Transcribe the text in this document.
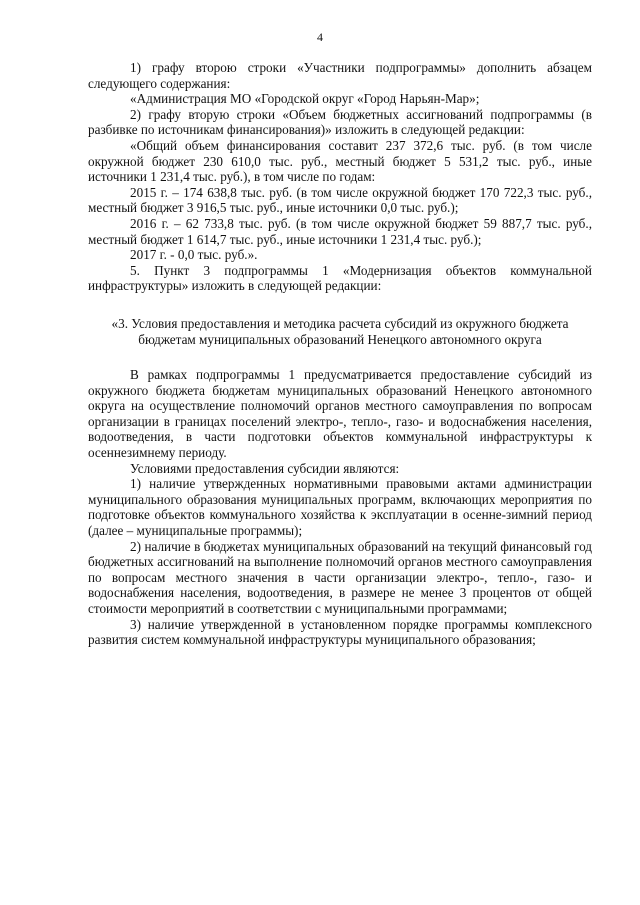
4

1) графу второю строки «Участники подпрограммы» дополнить абзацем следующего содержания:

«Администрация МО «Городской округ «Город Нарьян-Мар»;

2) графу вторую строки «Объем бюджетных ассигнований подпрограммы (в разбивке по источникам финансирования)» изложить в следующей редакции:

«Общий объем финансирования составит 237 372,6 тыс. руб. (в том числе окружной бюджет 230 610,0 тыс. руб., местный бюджет 5 531,2 тыс. руб., иные источники 1 231,4 тыс. руб.), в том числе по годам:

2015 г. – 174 638,8 тыс. руб. (в том числе окружной бюджет 170 722,3 тыс. руб., местный бюджет 3 916,5 тыс. руб., иные источники 0,0 тыс. руб.);

2016 г. – 62 733,8 тыс. руб. (в том числе окружной бюджет 59 887,7 тыс. руб., местный бюджет 1 614,7 тыс. руб., иные источники 1 231,4 тыс. руб.);

2017 г. - 0,0 тыс. руб.».

5. Пункт 3 подпрограммы 1 «Модернизация объектов коммунальной инфраструктуры» изложить в следующей редакции:

«3. Условия предоставления и методика расчета субсидий из окружного бюджета бюджетам муниципальных образований Ненецкого автономного округа

В рамках подпрограммы 1 предусматривается предоставление субсидий из окружного бюджета бюджетам муниципальных образований Ненецкого автономного округа на осуществление полномочий органов местного самоуправления по вопросам организации в границах поселений электро-, тепло-, газо- и водоснабжения населения, водоотведения, в части подготовки объектов коммунальной инфраструктуры к осеннезимнему периоду.

Условиями предоставления субсидии являются:

1) наличие утвержденных нормативными правовыми актами администрации муниципального образования муниципальных программ, включающих мероприятия по подготовке объектов коммунального хозяйства к эксплуатации в осенне-зимний период (далее – муниципальные программы);

2) наличие в бюджетах муниципальных образований на текущий финансовый год бюджетных ассигнований на выполнение полномочий органов местного самоуправления по вопросам местного значения в части организации электро-, тепло-, газо- и водоснабжения населения, водоотведения, в размере не менее 3 процентов от общей стоимости мероприятий в соответствии с муниципальными программами;

3) наличие утвержденной в установленном порядке программы комплексного развития систем коммунальной инфраструктуры муниципального образования;
